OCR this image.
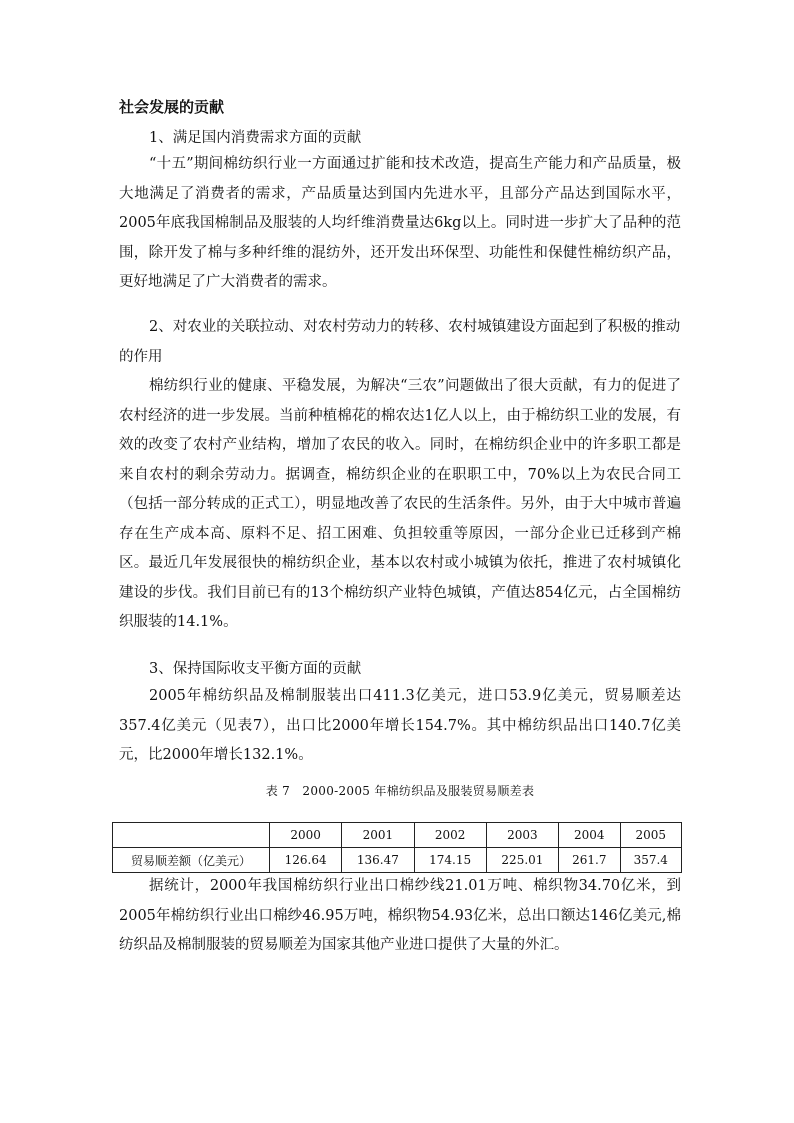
社会发展的贡献
1、满足国内消费需求方面的贡献

“十五”期间棉纺织行业一方面通过扩能和技术改造，提高生产能力和产品质量，极大地满足了消费者的需求，产品质量达到国内先进水平，且部分产品达到国际水平，2005年底我国棉制品及服装的人均纤维消费量达6kg以上。同时进一步扩大了品种的范围，除开发了棉与多种纤维的混纺外，还开发出环保型、功能性和保健性棉纺织产品，更好地满足了广大消费者的需求。

2、对农业的关联拉动、对农村劳动力的转移、农村城镇建设方面起到了积极的推动的作用

棉纺织行业的健康、平稳发展，为解决“三农”问题做出了很大贡献，有力的促进了农村经济的进一步发展。当前种植棉花的棉农达1亿人以上，由于棉纺织工业的发展，有效的改变了农村产业结构，增加了农民的收入。同时，在棉纺织企业中的许多职工都是来自农村的剩余劳动力。据调查，棉纺织企业的在职职工中，70%以上为农民合同工（包括一部分转成的正式工），明显地改善了农民的生活条件。另外，由于大中城市普遍存在生产成本高、原料不足、招工困难、负担较重等原因，一部分企业已迁移到产棉区。最近几年发展很快的棉纺织企业，基本以农村或小城镇为依托，推进了农村城镇化建设的步伐。我们目前已有的13个棉纺织产业特色城镇，产值达854亿元，占全国棉纺织服装的14.1%。

3、保持国际收支平衡方面的贡献

2005年棉纺织品及棉制服装出口411.3亿美元，进口53.9亿美元，贸易顺差达357.4亿美元（见表7），出口比2000年增长154.7%。其中棉纺织品出口140.7亿美元，比2000年增长132.1%。

表 7　2000-2005 年棉纺织品及服装贸易顺差表
	2000	2001	2002	2003	2004	2005
贸易顺差额（亿美元）	126.64	136.47	174.15	225.01	261.7	357.4

据统计，2000年我国棉纺织行业出口棉纱线21.01万吨、棉织物34.70亿米，到2005年棉纺织行业出口棉纱46.95万吨，棉织物54.93亿米，总出口额达146亿美元,棉纺织品及棉制服装的贸易顺差为国家其他产业进口提供了大量的外汇。
